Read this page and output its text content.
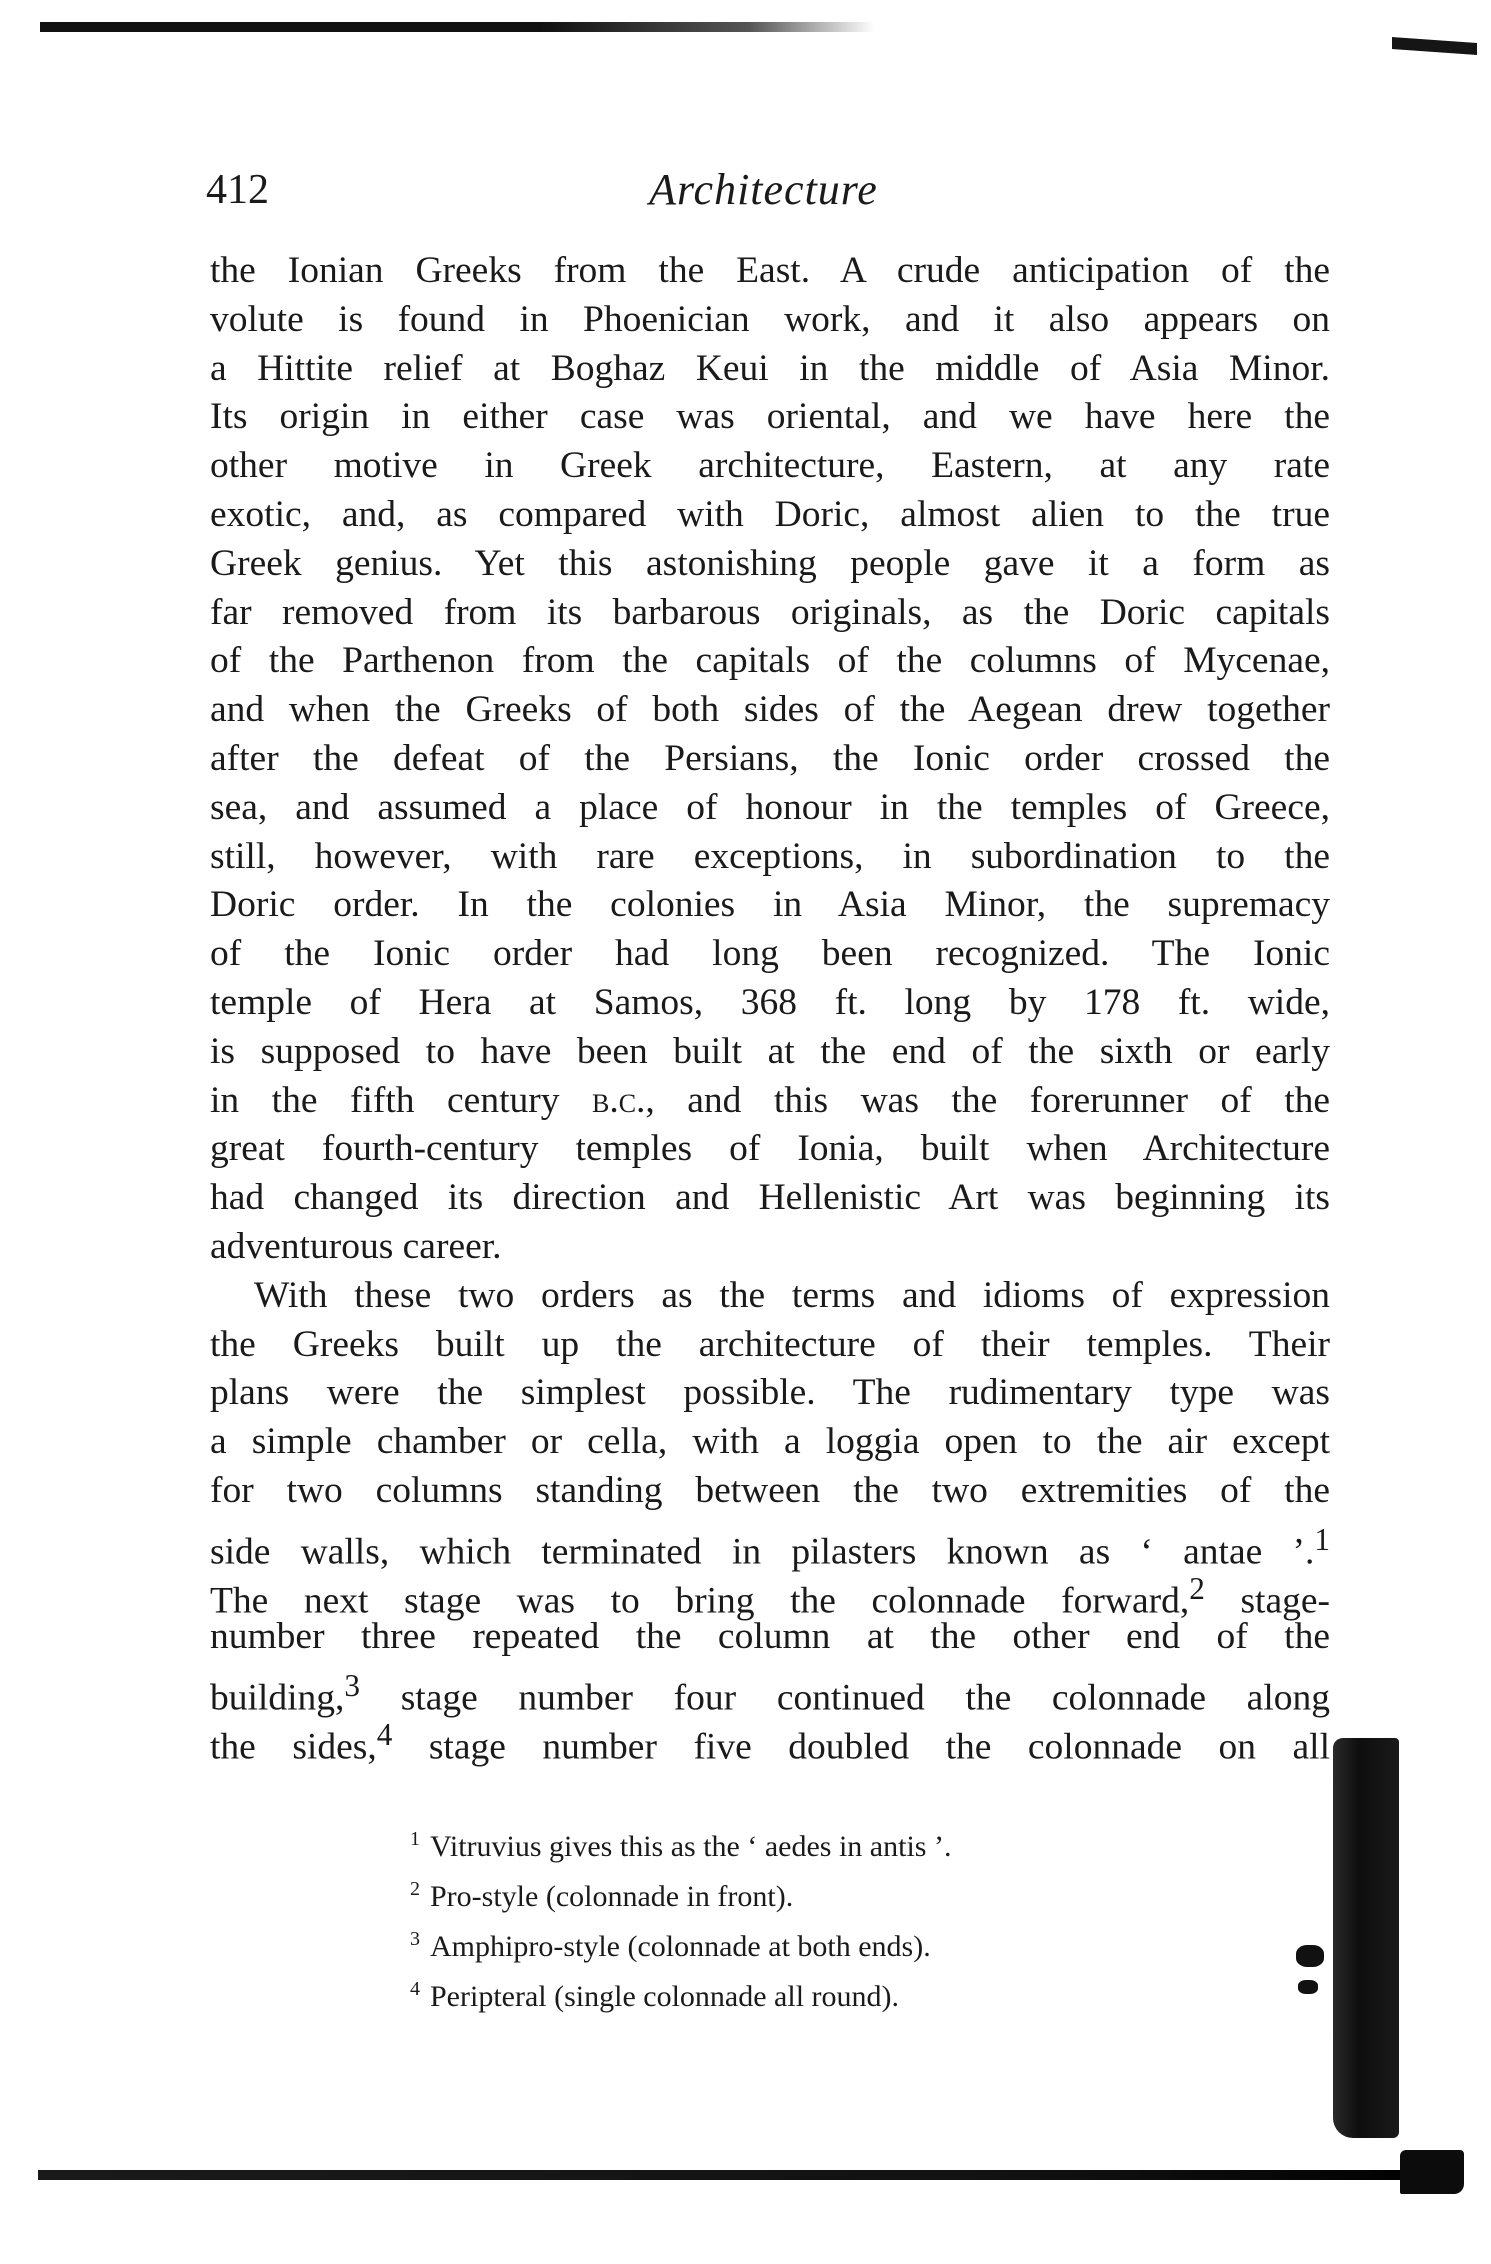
412	Architecture
the Ionian Greeks from the East. A crude anticipation of the
volute is found in Phoenician work, and it also appears on
a Hittite relief at Boghaz Keui in the middle of Asia Minor.
Its origin in either case was oriental, and we have here the
other motive in Greek architecture, Eastern, at any rate
exotic, and, as compared with Doric, almost alien to the true
Greek genius. Yet this astonishing people gave it a form as
far removed from its barbarous originals, as the Doric capitals
of the Parthenon from the capitals of the columns of Mycenae,
and when the Greeks of both sides of the Aegean drew together
after the defeat of the Persians, the Ionic order crossed the
sea, and assumed a place of honour in the temples of Greece,
still, however, with rare exceptions, in subordination to the
Doric order. In the colonies in Asia Minor, the supremacy
of the Ionic order had long been recognized. The Ionic
temple of Hera at Samos, 368 ft. long by 178 ft. wide,
is supposed to have been built at the end of the sixth or early
in the fifth century b.c., and this was the forerunner of the
great fourth-century temples of Ionia, built when Architecture
had changed its direction and Hellenistic Art was beginning its
adventurous career.
With these two orders as the terms and idioms of expression
the Greeks built up the architecture of their temples. Their
plans were the simplest possible. The rudimentary type was
a simple chamber or cella, with a loggia open to the air except
for two columns standing between the two extremities of the
side walls, which terminated in pilasters known as ‘ antae ’.$^1$
The next stage was to bring the colonnade forward,$^2$ stage-
number three repeated the column at the other end of the
building,$^3$ stage number four continued the colonnade along
the sides,$^4$ stage number five doubled the colonnade on all
$^1$ Vitruvius gives this as the ‘ aedes in antis ’.
$^2$ Pro-style (colonnade in front).
$^3$ Amphipro-style (colonnade at both ends).
$^4$ Peripteral (single colonnade all round).
